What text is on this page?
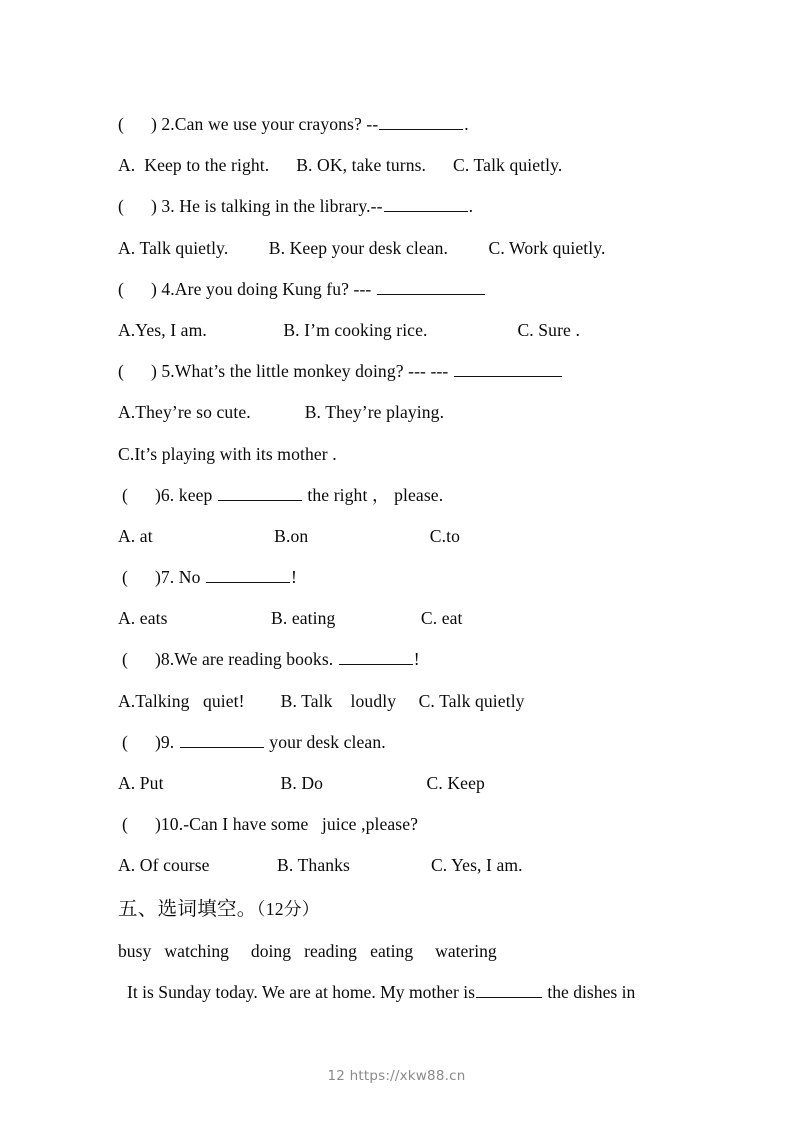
(      ) 2.Can we use your crayons? --	.
A.  Keep to the right.      B. OK, take turns.      C. Talk quietly.
(      ) 3. He is talking in the library.--	.
A. Talk quietly.         B. Keep your desk clean.         C. Work quietly.
(      ) 4.Are you doing Kung fu? ---
A.Yes, I am.                 B. I’m cooking rice.                    C. Sure .
(      ) 5.What’s the little monkey doing? --- ---
A.They’re so cute.            B. They’re playing.
C.It’s playing with its mother .
(      )6. keep	the right ， please.
A. at                           B.on                           C.to
(      )7. No	!
A. eats                       B. eating                   C. eat
(      )8.We are reading books.	!
A.Talking   quiet!        B. Talk    loudly     C. Talk quietly
(      )9.	your desk clean.
A. Put                          B. Do                       C. Keep
(      )10.-Can I have some   juice ,please?
A. Of course               B. Thanks                  C. Yes, I am.
五、选词填空。（12分）
busy   watching     doing   reading   eating     watering
It is Sunday today. We are at home. My mother is	the dishes in
12 https://xkw88.cn
